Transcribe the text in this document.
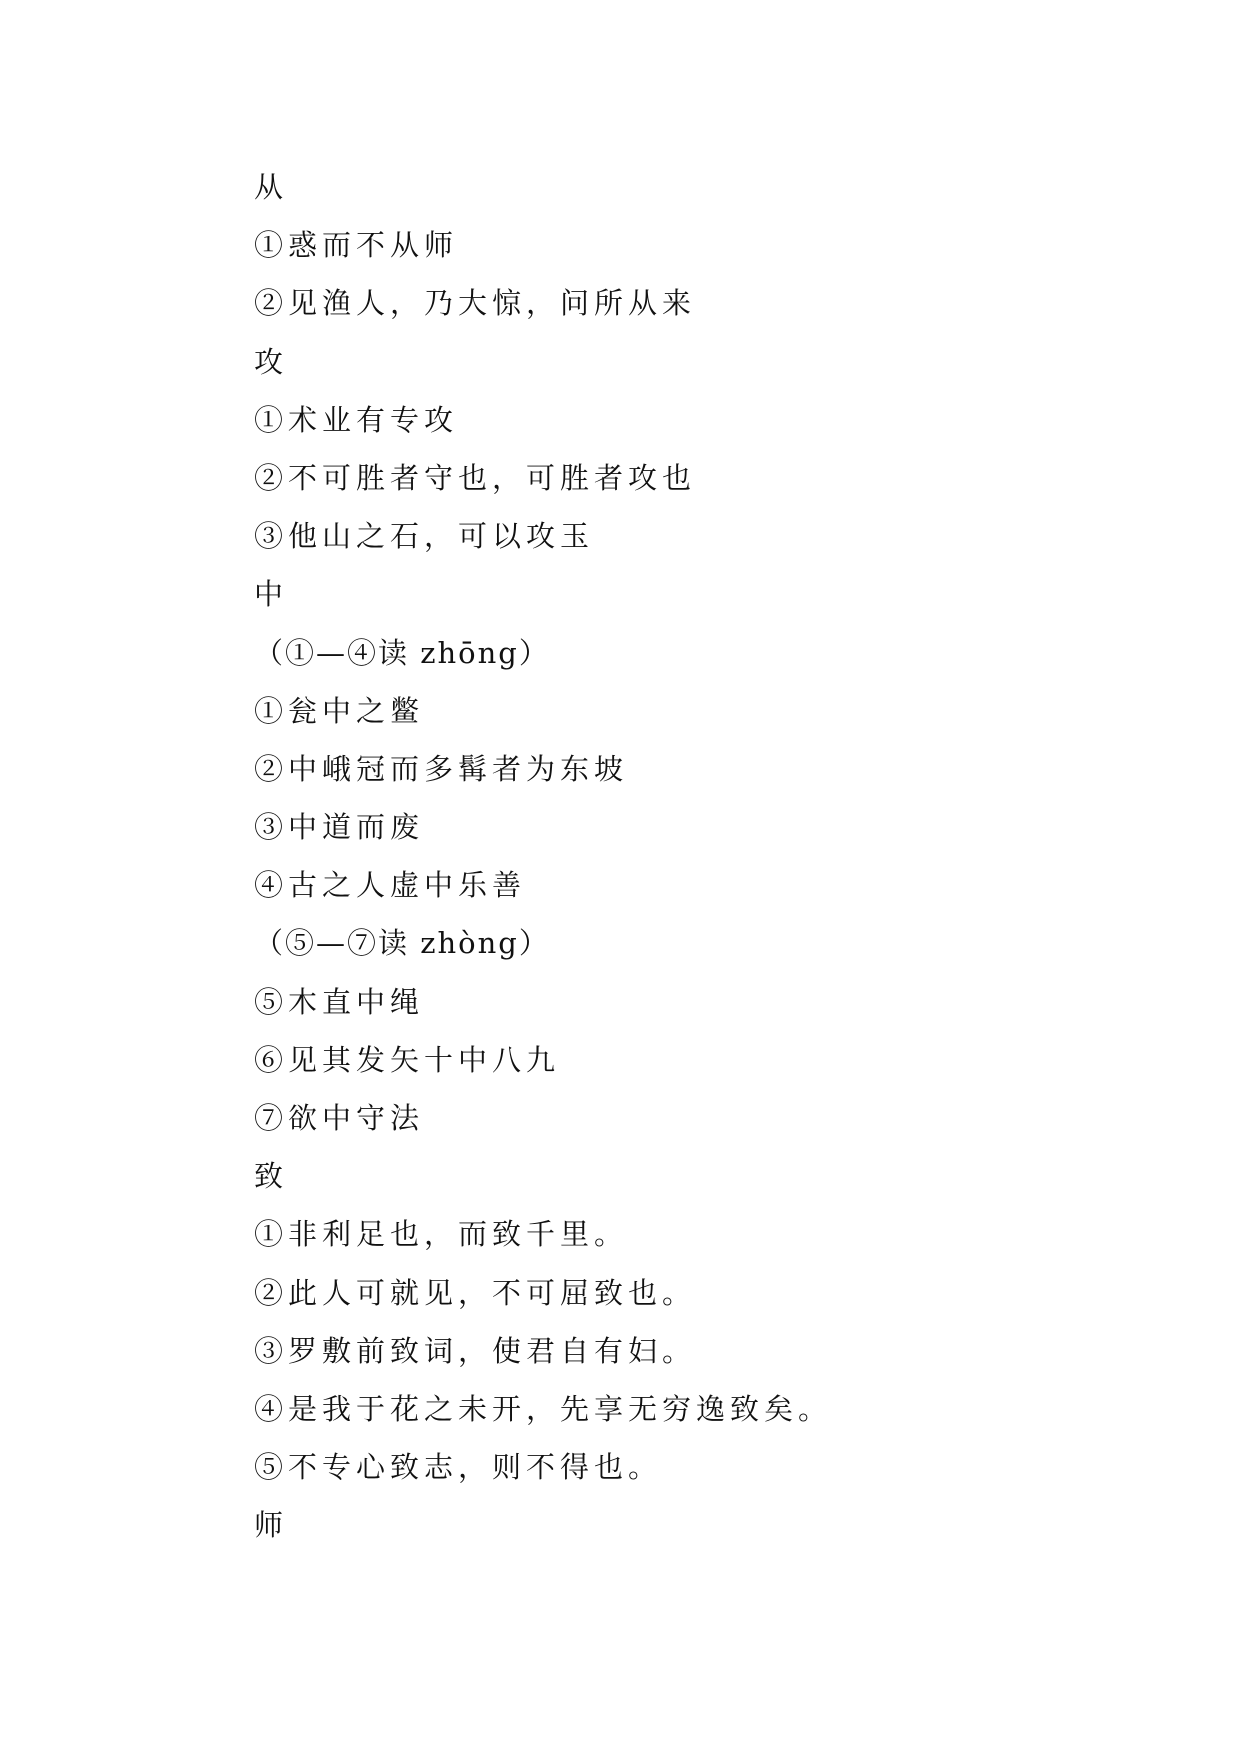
从
①惑而不从师
②见渔人，乃大惊，问所从来
攻
①术业有专攻
②不可胜者守也，可胜者攻也
③他山之石，可以攻玉
中
（①—④读 zhōng）
①瓮中之鳖
②中峨冠而多髯者为东坡
③中道而废
④古之人虚中乐善
（⑤—⑦读 zhòng）
⑤木直中绳
⑥见其发矢十中八九
⑦欲中守法
致
①非利足也，而致千里。
②此人可就见，不可屈致也。
③罗敷前致词，使君自有妇。
④是我于花之未开，先享无穷逸致矣。
⑤不专心致志，则不得也。
师
